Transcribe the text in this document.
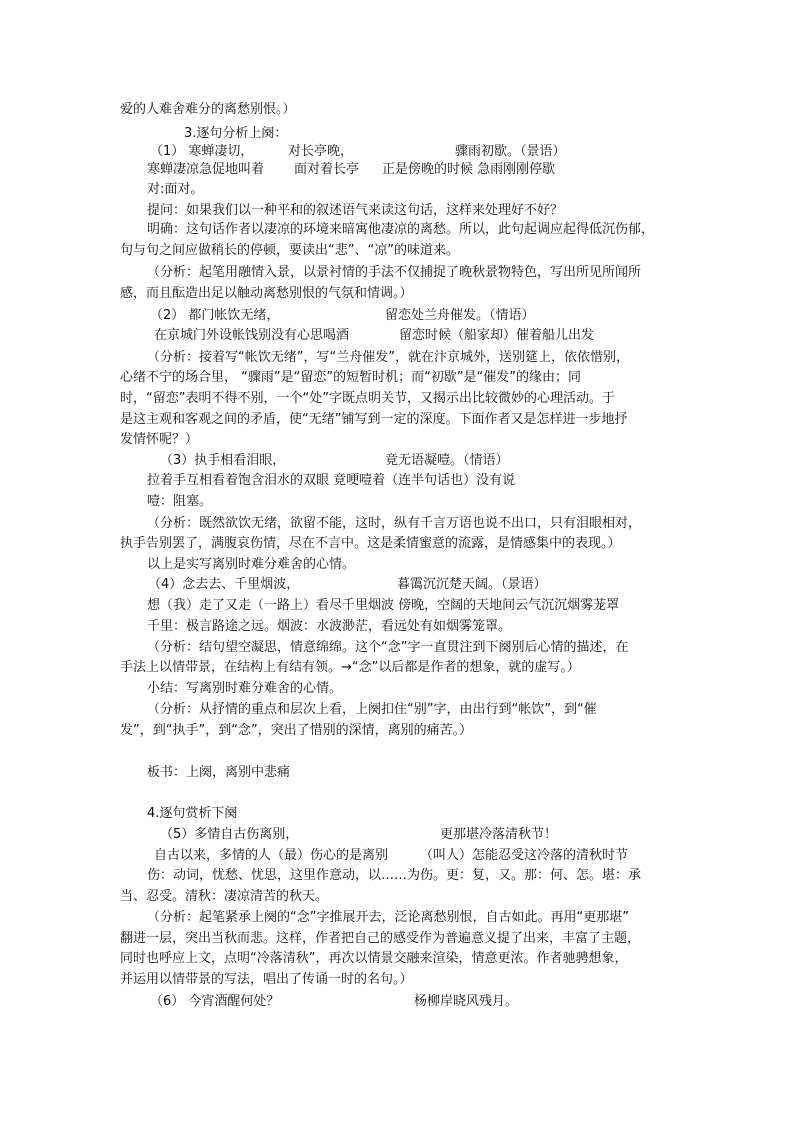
爱的人难舍难分的离愁别恨。）
3.逐句分析上阕：
（1） 寒蝉凄切，	对长亭晚，	骤雨初歇。（景语）
寒蝉凄凉急促地叫着 面对着长亭 正是傍晚的时候 急雨刚刚停歇
对:面对。
提问：如果我们以一种平和的叙述语气来读这句话，这样来处理好不好？
明确：这句话作者以凄凉的环境来暗寓他凄凉的离愁。所以，此句起调应起得低沉伤郁，
句与句之间应做稍长的停顿，要读出“悲”、“凉”的味道来。
（分析：起笔用融情入景，以景衬情的手法不仅捕捉了晚秋景物特色，写出所见所闻所
感，而且酝造出足以触动离愁别恨的气氛和情调。）
（2） 都门帐饮无绪，	留恋处兰舟催发。（情语）
在京城门外设帐饯别没有心思喝酒	留恋时候（船家却）催着船儿出发
（分析：接着写“帐饮无绪”，写“兰舟催发”，就在汴京城外，送别筵上，依依惜别，
心绪不宁的场合里， “骤雨”是“留恋”的短暂时机；而“初歇”是“催发”的缘由；同
时，“留恋”表明不得不别，一个“处”字既点明关节，又揭示出比较微妙的心理活动。于
是这主观和客观之间的矛盾，使“无绪”铺写到一定的深度。下面作者又是怎样进一步地抒
发情怀呢？）
（3）执手相看泪眼，	竟无语凝噎。（情语）
拉着手互相看着饱含泪水的双眼 竟哽噎着（连半句话也）没有说
噎：阻塞。
（分析：既然欲饮无绪，欲留不能，这时，纵有千言万语也说不出口，只有泪眼相对，
执手告别罢了，满腹哀伤情，尽在不言中。这是柔情蜜意的流露，是情感集中的表现。）
以上是实写离别时难分难舍的心情。
（4）念去去、千里烟波，	暮霭沉沉楚天阔。（景语）
想（我）走了又走（一路上）看尽千里烟波 傍晚，空阔的天地间云气沉沉烟雾茏罩
千里：极言路途之远。烟波：水波渺茫，看远处有如烟雾笼罩。
（分析：结句望空凝思，情意绵绵。这个“念”字一直贯注到下阕别后心情的描述，在
手法上以情带景，在结构上有结有领。→“念”以后都是作者的想象，就的虚写。）
小结：写离别时难分难舍的心情。
（分析：从抒情的重点和层次上看，上阕扣住“别”字，由出行到“帐饮”，到“催
发”，到“执手”，到“念”，突出了惜别的深情，离别的痛苦。）
板书：上阕，离别中悲痛
4.逐句赏析下阕
（5）多情自古伤离别，	更那堪冷落清秋节！
自古以来，多情的人（最）伤心的是离别 （叫人）怎能忍受这冷落的清秋时节
伤：动词，忧愁、忧思，这里作意动，以……为伤。更：复，又。那：何、怎。堪：承
当、忍受。清秋：凄凉清苦的秋天。
（分析：起笔紧承上阕的“念”字推展开去，泛论离愁别恨，自古如此。再用“更那堪”
翻进一层，突出当秋而悲。这样，作者把自己的感受作为普遍意义提了出来，丰富了主题，
同时也呼应上文，点明“冷落清秋”，再次以情景交融来渲染，情意更浓。作者驰骋想象，
并运用以情带景的写法，唱出了传诵一时的名句。）
（6） 今宵酒醒何处？	杨柳岸晓风残月。
